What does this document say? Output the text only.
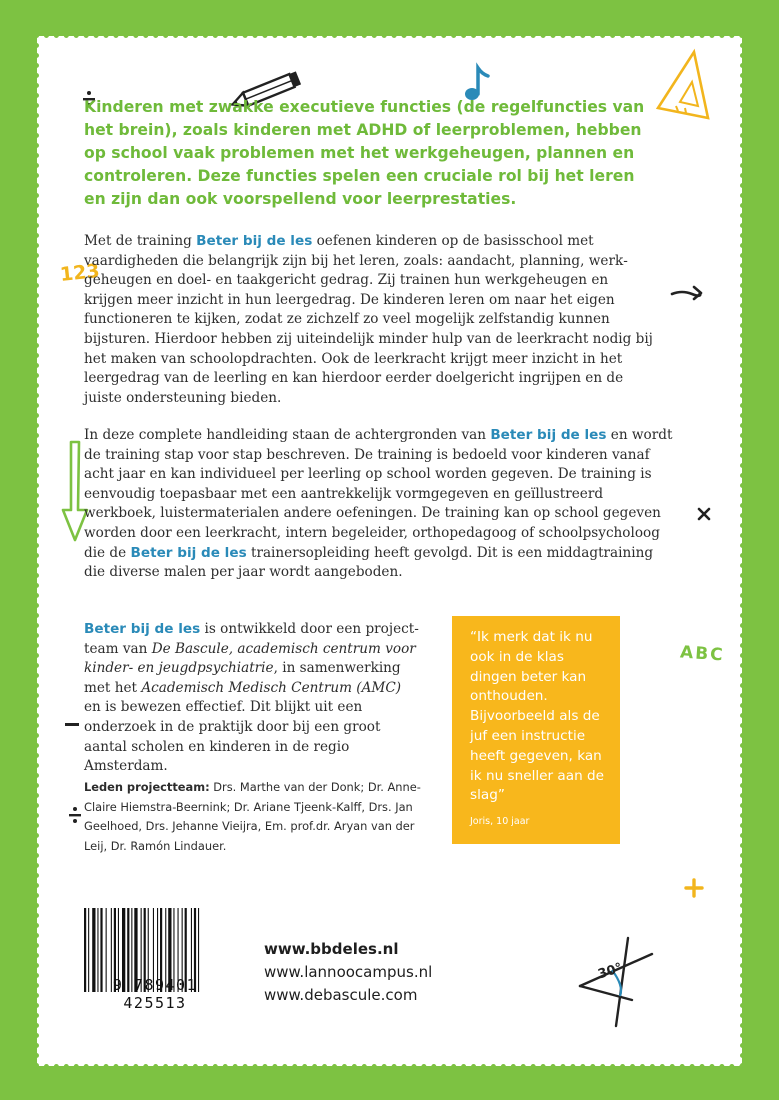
123
ABC
30°
Kinderen met zwakke executieve functies (de regelfuncties van het brein), zoals kinderen met ADHD of leerproblemen, hebben op school vaak problemen met het werkgeheugen, plannen en controleren. Deze functies spelen een cruciale rol bij het leren en zijn dan ook voorspellend voor leerprestaties.
Met de training Beter bij de les oefenen kinderen op de basisschool met vaardigheden die belangrijk zijn bij het leren, zoals: aandacht, planning, werkgeheugen en doel- en taakgericht gedrag. Zij trainen hun werkgeheugen en krijgen meer inzicht in hun leergedrag. De kinderen leren om naar het eigen functioneren te kijken, zodat ze zichzelf zo veel mogelijk zelfstandig kunnen bijsturen. Hierdoor hebben zij uiteindelijk minder hulp van de leerkracht nodig bij het maken van schoolopdrachten. Ook de leerkracht krijgt meer inzicht in het leergedrag van de leerling en kan hierdoor eerder doelgericht ingrijpen en de juiste ondersteuning bieden.
In deze complete handleiding staan de achtergronden van Beter bij de les en wordt de training stap voor stap beschreven. De training is bedoeld voor kinderen vanaf acht jaar en kan individueel per leerling op school worden gegeven. De training is eenvoudig toepasbaar met een aantrekkelijk vormgegeven en geïllustreerd werkboek, luistermaterialen andere oefeningen. De training kan op school gegeven worden door een leerkracht, intern begeleider, orthopedagoog of schoolpsycholoog die de Beter bij de les trainersopleiding heeft gevolgd. Dit is een middagtraining die diverse malen per jaar wordt aangeboden.
Beter bij de les is ontwikkeld door een projectteam van De Bascule, academisch centrum voor kinder- en jeugdpsychiatrie, in samenwerking met het Academisch Medisch Centrum (AMC) en is bewezen effectief. Dit blijkt uit een onderzoek in de praktijk door bij een groot aantal scholen en kinderen in de regio Amsterdam.
Leden projectteam: Drs. Marthe van der Donk; Dr. Anne-Claire Hiemstra-Beernink; Dr. Ariane Tjeenk-Kalff, Drs. Jan Geelhoed, Drs. Jehanne Vieijra, Em. prof.dr. Aryan van der Leij, Dr. Ramón Lindauer.
“Ik merk dat ik nu ook in de klas dingen beter kan onthouden. Bijvoorbeeld als de juf een instructie heeft gegeven, kan ik nu sneller aan de slag”
Joris, 10 jaar
9 789401 425513
www.bbdeles.nl
www.lannoocampus.nl
www.debascule.com
